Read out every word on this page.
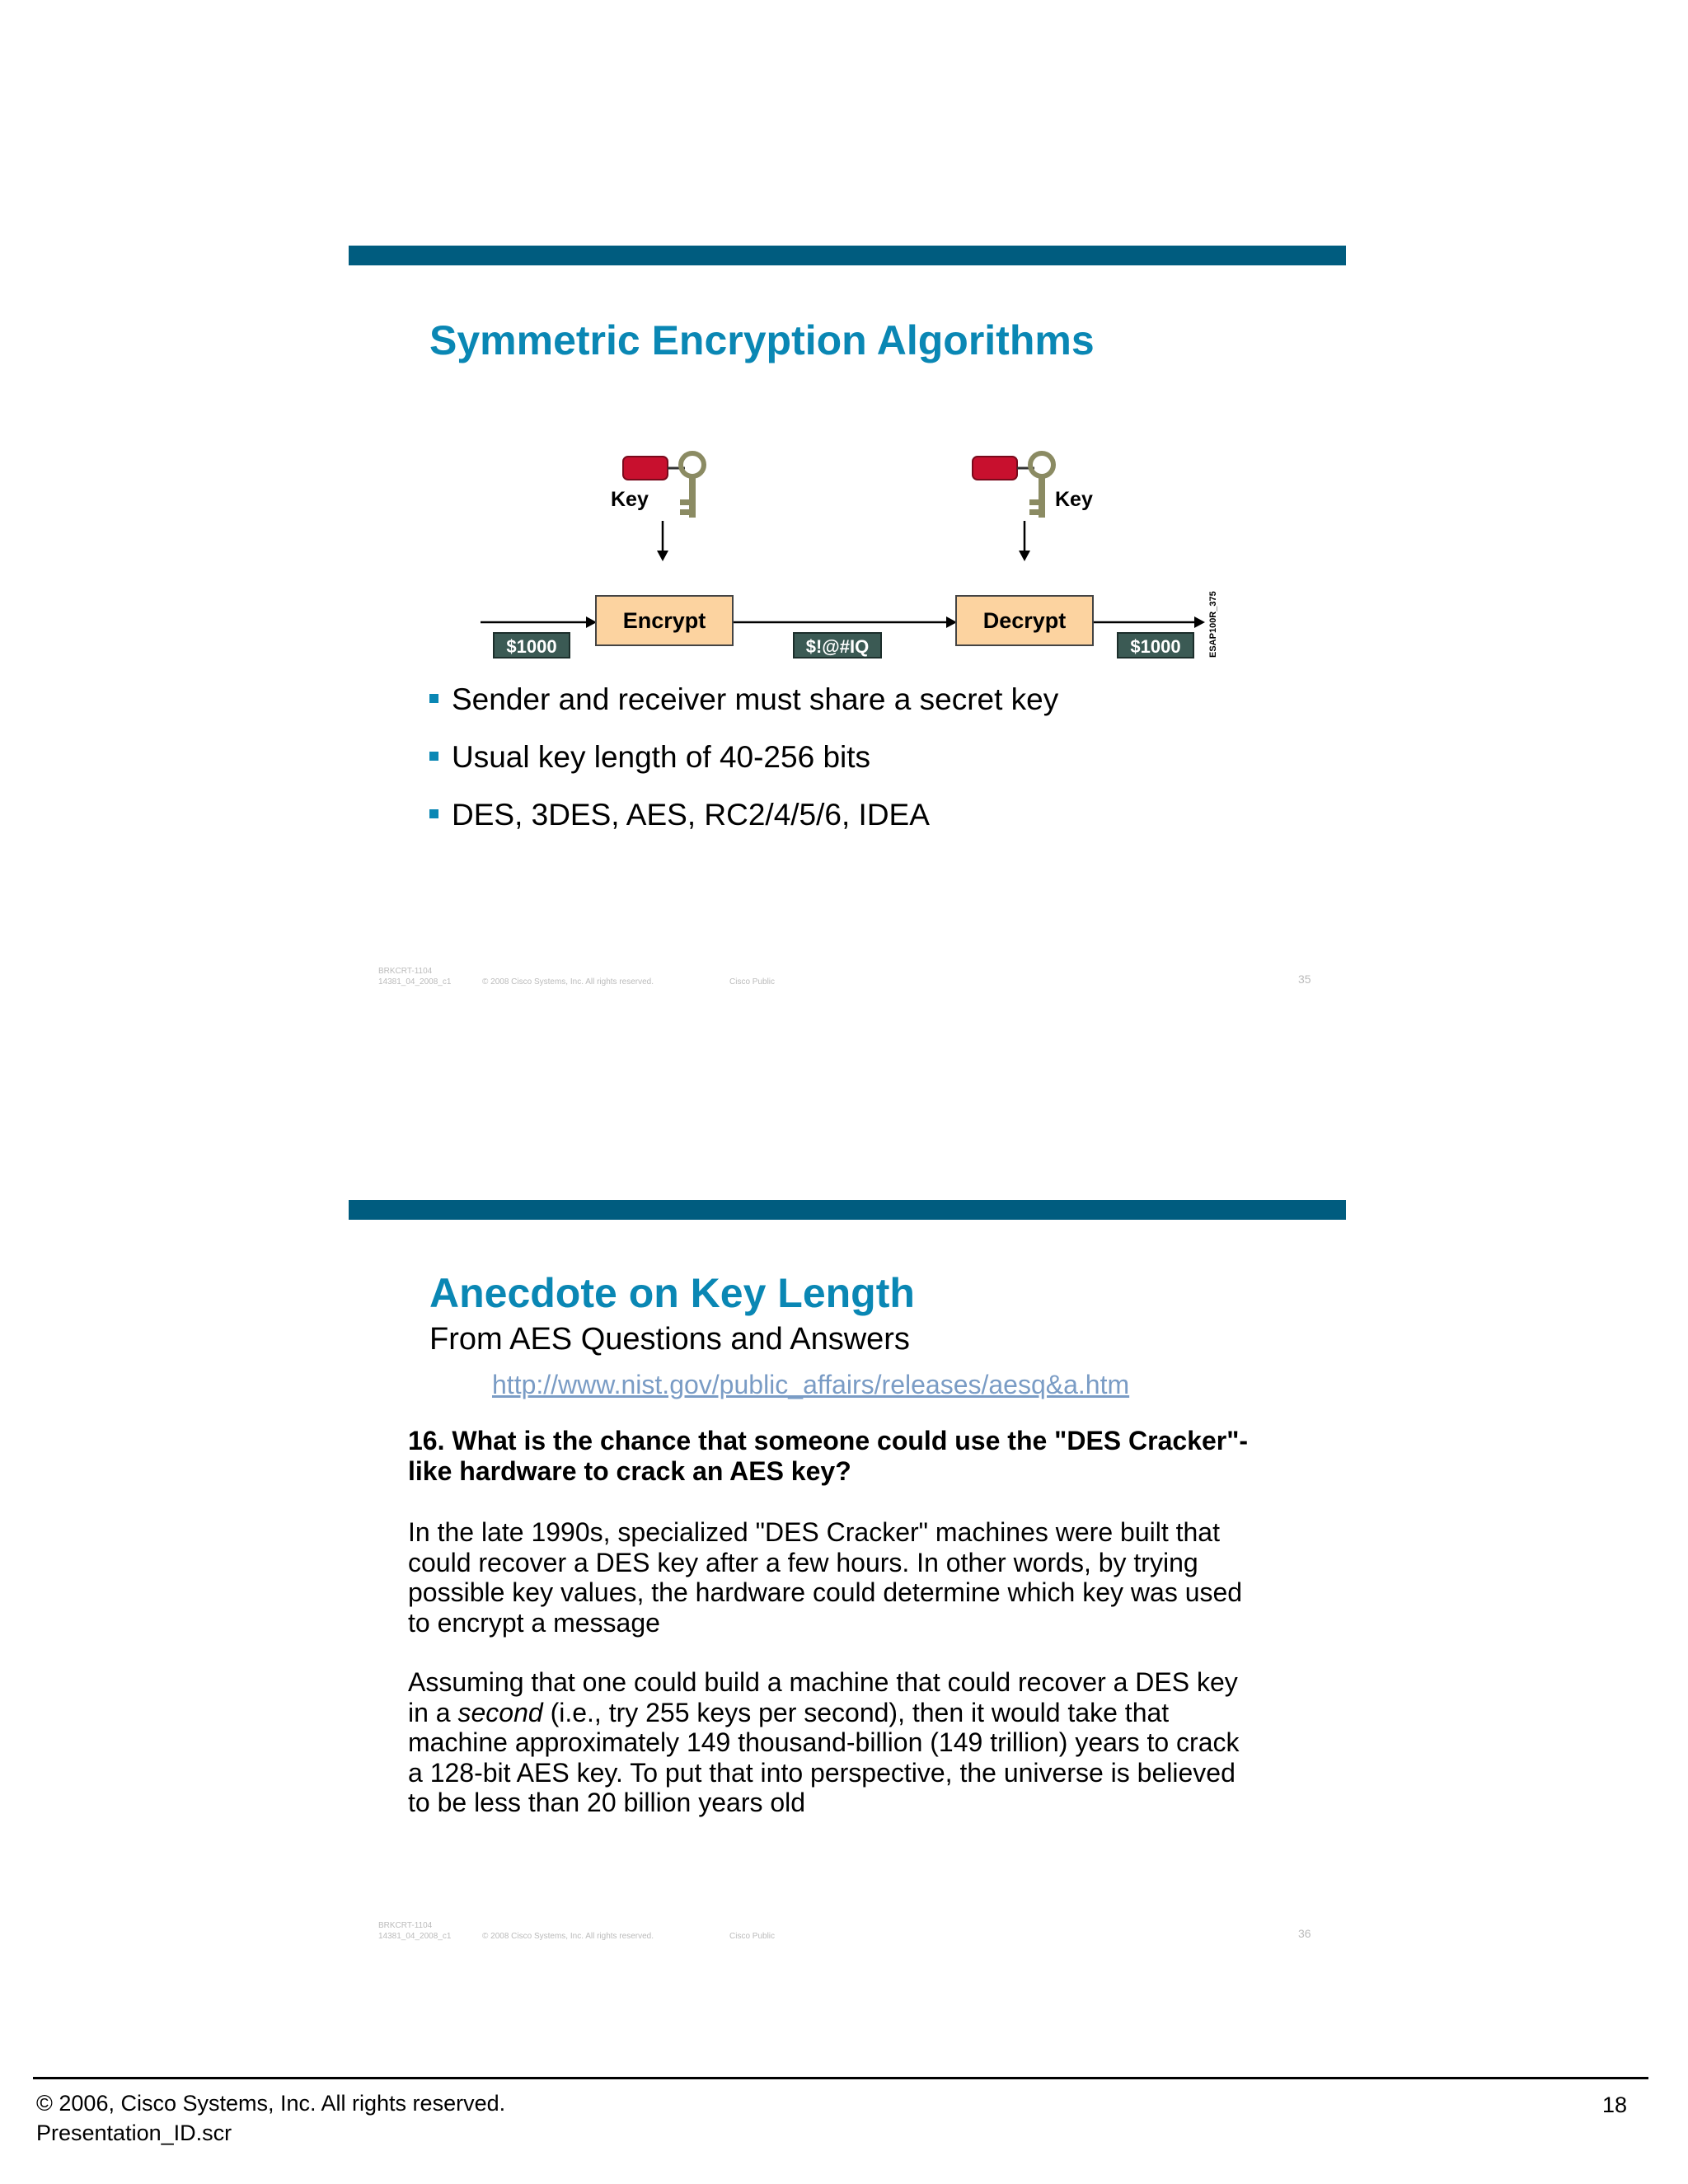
Symmetric Encryption Algorithms
Key	Key
Encrypt	Decrypt
$1000	$!@#IQ	$1000	ESAP100R_375
Sender and receiver must share a secret key
Usual key length of 40-256 bits
DES, 3DES, AES, RC2/4/5/6, IDEA
BRKCRT-1104
14381_04_2008_c1	© 2008 Cisco Systems, Inc. All rights reserved.	Cisco Public	35
Anecdote on Key Length
From AES Questions and Answers
http://www.nist.gov/public_affairs/releases/aesq&a.htm
16. What is the chance that someone could use the "DES Cracker"-
like hardware to crack an AES key?
In the late 1990s, specialized "DES Cracker" machines were built that
could recover a DES key after a few hours. In other words, by trying
possible key values, the hardware could determine which key was used
to encrypt a message
Assuming that one could build a machine that could recover a DES key
in a second (i.e., try 255 keys per second), then it would take that
machine approximately 149 thousand-billion (149 trillion) years to crack
a 128-bit AES key. To put that into perspective, the universe is believed
to be less than 20 billion years old
BRKCRT-1104
14381_04_2008_c1	© 2008 Cisco Systems, Inc. All rights reserved.	Cisco Public	36
© 2006, Cisco Systems, Inc. All rights reserved.
Presentation_ID.scr
18
